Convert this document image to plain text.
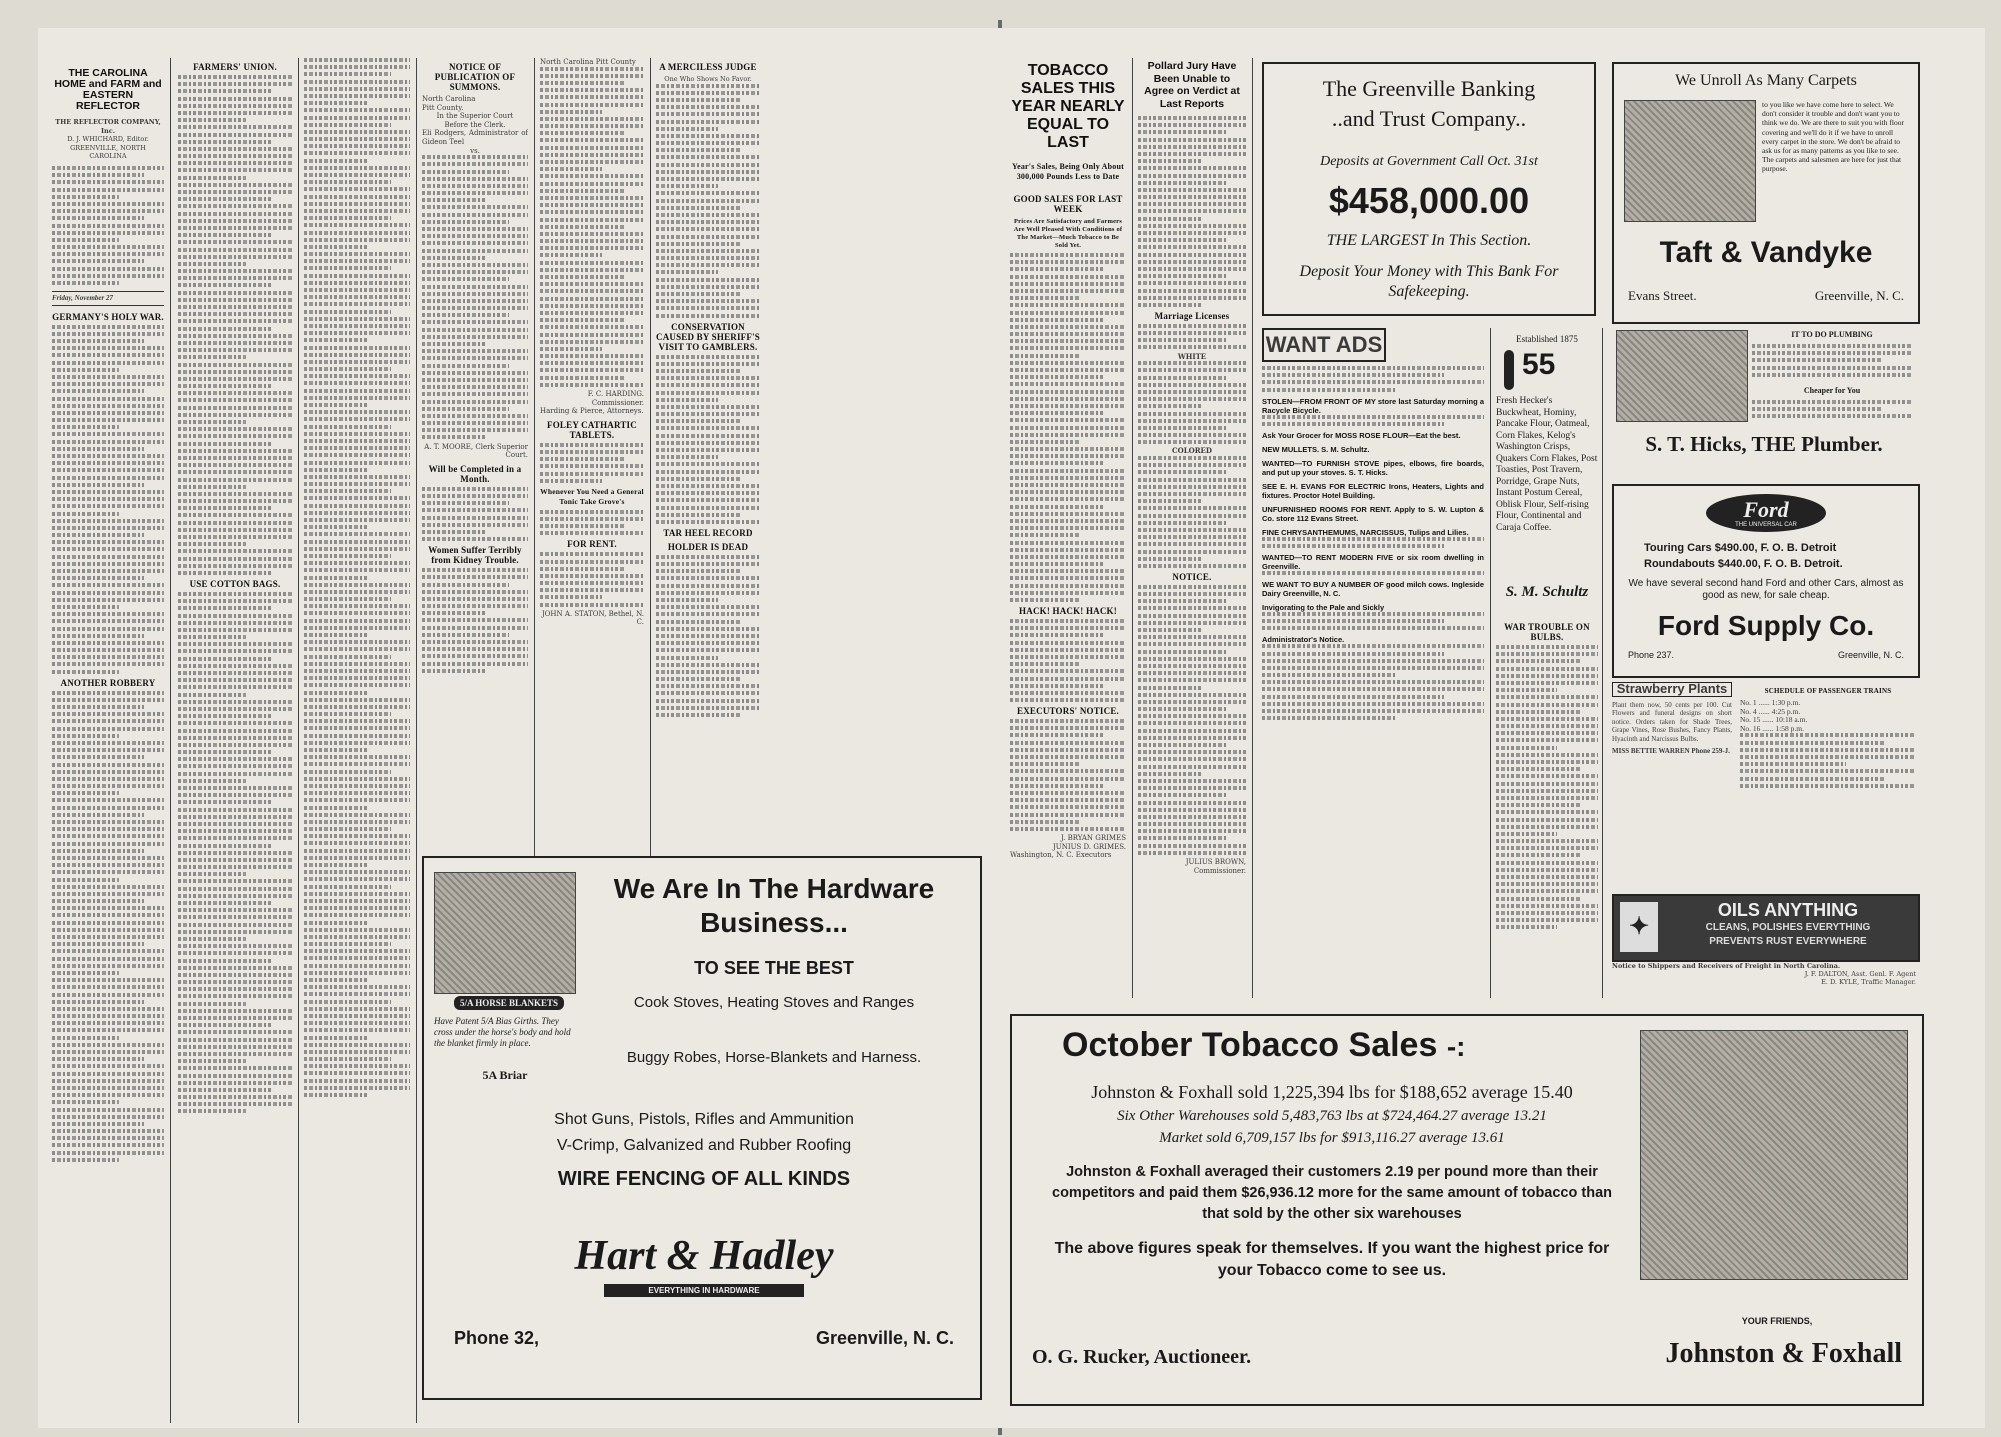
THE CAROLINA HOME and FARM and EASTERN REFLECTOR
THE REFLECTOR COMPANY, Inc.
D. J. WHICHARD, Editor.
GREENVILLE, NORTH CAROLINA
Friday, November 27
GERMANY'S HOLY WAR.
ANOTHER ROBBERY
FARMERS' UNION.
USE COTTON BAGS.
NOTICE OF PUBLICATION OF SUMMONS.
North Carolina
Pitt County.
In the Superior Court
Before the Clerk.
Eli Rodgers, Administrator of Gideon Teel
vs.
A. T. MOORE, Clerk Superior Court.
Will be Completed in a Month.
Women Suffer Terribly from Kidney Trouble.
North Carolina Pitt County
F. C. HARDING. Commissioner.
Harding & Pierce, Attorneys.
FOLEY CATHARTIC TABLETS.
Whenever You Need a General Tonic Take Grove's
FOR RENT.
JOHN A. STATON, Bethel, N. C.
A MERCILESS JUDGE
One Who Shows No Favor.
CONSERVATION CAUSED BY SHERIFF'S VISIT TO GAMBLERS.
TAR HEEL RECORD
HOLDER IS DEAD
5/A HORSE BLANKETS
Have Patent 5/A Bias Girths. They cross under the horse's body and hold the blanket firmly in place.
5A Briar
We Are In The Hardware Business...
TO SEE THE BEST
Cook Stoves, Heating Stoves and Ranges
Buggy Robes, Horse-Blankets and Harness.
Shot Guns, Pistols, Rifles and Ammunition
V-Crimp, Galvanized and Rubber Roofing
WIRE FENCING OF ALL KINDS
Hart & Hadley
EVERYTHING IN HARDWARE
Phone 32,	Greenville, N. C.
TOBACCO SALES THIS YEAR NEARLY EQUAL TO LAST
Year's Sales, Being Only About 300,000 Pounds Less to Date
GOOD SALES FOR LAST WEEK
Prices Are Satisfactory and Farmers Are Well Pleased With Conditions of The Market—Much Tobacco to Be Sold Yet.
HACK! HACK! HACK!
EXECUTORS' NOTICE.
J. BRYAN GRIMES
JUNIUS D. GRIMES.
Washington, N. C. Executors
Pollard Jury Have Been Unable to Agree on Verdict at Last Reports
Marriage Licenses
WHITE
COLORED
NOTICE.
JULIUS BROWN, Commissioner.
The Greenville Banking
..and Trust Company..
Deposits at Government Call Oct. 31st
$458,000.00
THE LARGEST In This Section.
Deposit Your Money with This Bank For Safekeeping.
WANT ADS
STOLEN—FROM FRONT OF MY store last Saturday morning a Racycle Bicycle.
Ask Your Grocer for MOSS ROSE FLOUR—Eat the best.
NEW MULLETS. S. M. Schultz.
WANTED—TO FURNISH STOVE pipes, elbows, fire boards, and put up your stoves. S. T. Hicks.
SEE E. H. EVANS FOR ELECTRIC Irons, Heaters, Lights and fixtures. Proctor Hotel Building.
UNFURNISHED ROOMS FOR RENT. Apply to S. W. Lupton & Co. store 112 Evans Street.
FINE CHRYSANTHEMUMS, NARCISSUS, Tulips and Lilies.
WANTED—TO RENT MODERN FIVE or six room dwelling in Greenville.
WE WANT TO BUY A NUMBER OF good milch cows. Ingleside Dairy Greenville, N. C.
Invigorating to the Pale and Sickly
Administrator's Notice.
Established 1875
55
Fresh Hecker's Buckwheat, Hominy, Pancake Flour, Oatmeal, Corn Flakes, Kelog's Washington Crisps, Quakers Corn Flakes, Post Toasties, Post Travern, Porridge, Grape Nuts, Instant Postum Cereal, Oblisk Flour, Self-rising Flour, Continental and Caraja Coffee.
S. M. Schultz
WAR TROUBLE ON BULBS.
We Unroll As Many Carpets
to you like we have come here to select. We don't consider it trouble and don't want you to think we do. We are there to suit you with floor covering and we'll do it if we have to unroll every carpet in the store. We don't be afraid to ask us for as many patterns as you like to see. The carpets and salesmen are here for just that purpose.
Taft & Vandyke
Evans Street.	Greenville, N. C.
IT TO DO PLUMBING
Cheaper for You
S. T. Hicks, THE Plumber.
Ford
THE UNIVERSAL CAR
Touring Cars $490.00, F. O. B. Detroit
Roundabouts $440.00, F. O. B. Detroit.
We have several second hand Ford and other Cars, almost as good as new, for sale cheap.
Ford Supply Co.
Phone 237.	Greenville, N. C.
Strawberry Plants
Plant them now, 50 cents per 100. Cut Flowers and funeral designs on short notice. Orders taken for Shade Trees, Grape Vines, Rose Bushes, Fancy Plants, Hyacinth and Narcissus Bulbs.
MISS BETTIE WARREN Phone 259-J.
SCHEDULE OF PASSENGER TRAINS
No. 1 ...... 1:30 p.m.
No. 4 ...... 4:25 p.m.
No. 15 ...... 10:18 a.m.
No. 16 ...... 1:58 p.m.
✦
OILS ANYTHING
CLEANS, POLISHES EVERYTHING
PREVENTS RUST EVERYWHERE
Notice to Shippers and Receivers of Freight in North Carolina.
J. F. DALTON, Asst. Genl. F. Agent
E. D. KYLE, Traffic Manager.
October Tobacco Sales -:
Johnston & Foxhall sold 1,225,394 lbs for $188,652 average 15.40
Six Other Warehouses sold 5,483,763 lbs at $724,464.27 average 13.21
Market sold 6,709,157 lbs for $913,116.27 average 13.61
Johnston & Foxhall averaged their customers 2.19 per pound more than their competitors and paid them $26,936.12 more for the same amount of tobacco than that sold by the other six warehouses
The above figures speak for themselves. If you want the highest price for your Tobacco come to see us.
YOUR FRIENDS,
O. G. Rucker, Auctioneer.	Johnston & Foxhall
